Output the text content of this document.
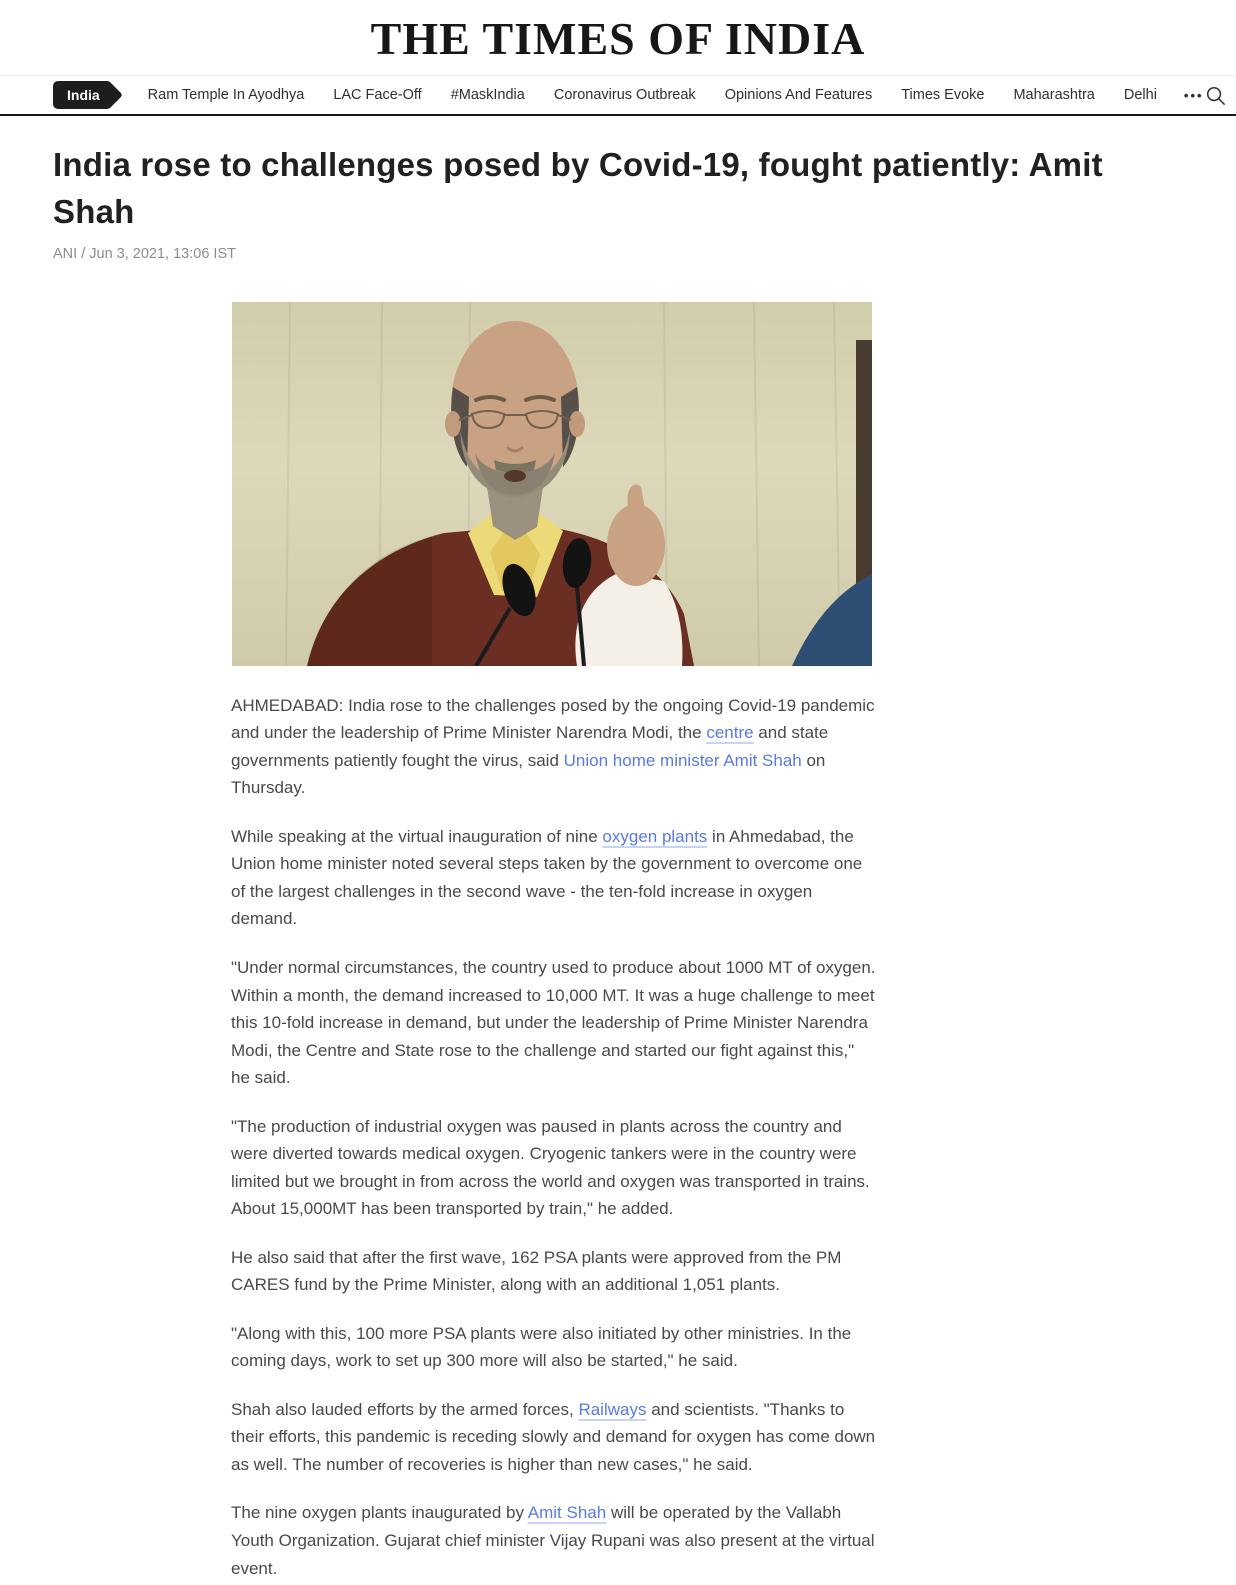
THE TIMES OF INDIA
India	Ram Temple In Ayodhya LAC Face-Off #MaskIndia Coronavirus Outbreak Opinions And Features Times Evoke Maharashtra Delhi •••
India rose to challenges posed by Covid-19, fought patiently: Amit Shah
ANI / Jun 3, 2021, 13:06 IST

AHMEDABAD: India rose to the challenges posed by the ongoing Covid-19 pandemic and under the leadership of Prime Minister Narendra Modi, the centre and state governments patiently fought the virus, said Union home minister Amit Shah on Thursday.

While speaking at the virtual inauguration of nine oxygen plants in Ahmedabad, the Union home minister noted several steps taken by the government to overcome one of the largest challenges in the second wave - the ten-fold increase in oxygen demand.

"Under normal circumstances, the country used to produce about 1000 MT of oxygen. Within a month, the demand increased to 10,000 MT. It was a huge challenge to meet this 10-fold increase in demand, but under the leadership of Prime Minister Narendra Modi, the Centre and State rose to the challenge and started our fight against this," he said.

"The production of industrial oxygen was paused in plants across the country and were diverted towards medical oxygen. Cryogenic tankers were in the country were limited but we brought in from across the world and oxygen was transported in trains. About 15,000MT has been transported by train," he added.

He also said that after the first wave, 162 PSA plants were approved from the PM CARES fund by the Prime Minister, along with an additional 1,051 plants.

"Along with this, 100 more PSA plants were also initiated by other ministries. In the coming days, work to set up 300 more will also be started," he said.

Shah also lauded efforts by the armed forces, Railways and scientists. "Thanks to their efforts, this pandemic is receding slowly and demand for oxygen has come down as well. The number of recoveries is higher than new cases," he said.

The nine oxygen plants inaugurated by Amit Shah will be operated by the Vallabh Youth Organization. Gujarat chief minister Vijay Rupani was also present at the virtual event.
